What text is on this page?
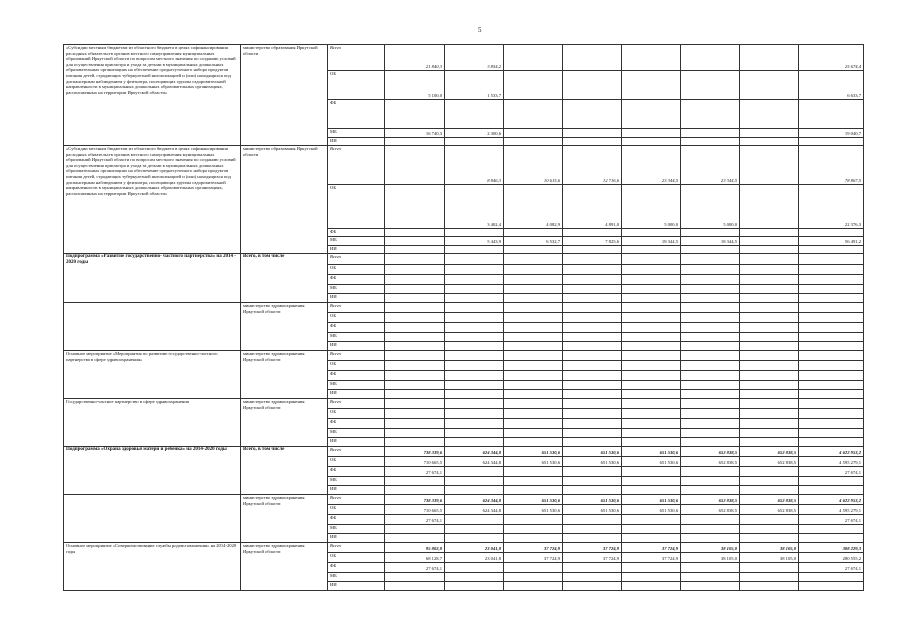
5
«Субсидии местным бюджетам из областного бюджета в целях софинансирования расходных обязательств органов местного самоуправления муниципальных образований Иркутской области по вопросам местного значения по созданию условий для осуществления присмотра и ухода за детьми в муниципальных дошкольных образовательных организациях на обеспечение среднесуточного набора продуктов питания детей, страдающих туберкулезной интоксикацией и (или) находящихся под диспансерным наблюдением у фтизиатра, посещающих группы оздоровительной направленности в муниципальных дошкольных образовательных организациях, расположенных на территории Иркутской области»	министерство образования Иркутской области	Всего	21 840,3	3 854,2						25 674,4
		ОБ	5 100,0	1 533,7						6 633,7
		ФБ								
		МБ	16 740,3	2 300,6						19 040,7
		ИИ								
«Субсидии местным бюджетам из областного бюджета в целях софинансирования расходных обязательств органов местного самоуправления муниципальных образований Иркутской области по вопросам местного значения по созданию условий для осуществления присмотра и ухода за детьми в муниципальных дошкольных образовательных организациях на обеспечение среднесуточного набора продуктов питания детей, страдающих туберкулезной интоксикацией и (или) находящихся под диспансерным наблюдением у фтизиатра, посещающих группы оздоровительной направленности в муниципальных дошкольных образовательных организациях, расположенных на территории Иркутской области»	министерство образования Иркутской области	Всего		8 846,3	10 615,6	12 716,6	23 344,5	23 344,5		78 867,5
		ОБ		3 402,4	4 082,9	4 891,0	5 000,0	5 000,0		22 376,3
		ФБ								
		МБ		5 443,9	6 532,7	7 825,6	18 344,5	18 344,5		56 491,2
		ИИ								
Подпрограмма «Развитие государственно- частного партнерства» на 2014 - 2020 годы	Всего, в том числе	Всего								
		ОБ								
		ФБ								
		МБ								
		ИИ								
	министерство здравоохранения Иркутской области	Всего								
		ОБ								
		ФБ								
		МБ								
		ИИ								
Основное мероприятие «Мероприятия по развитию государственно-частного партнерства в сфере здравоохранения»	министерство здравоохранения Иркутской области	Всего								
		ОБ								
		ФБ								
		МБ								
		ИИ								
Государственно-частное партнерство в сфере здравоохранения	министерство здравоохранения Иркутской области	Всего								
		ОБ								
		ФБ								
		МБ								
		ИИ								
Подпрограмма «Охрана здоровья матери и ребенка» на 2014-2020 годы	Всего, в том числе	Всего	738 339,6	624 344,8	651 530,6	651 530,6	651 530,6	652 838,5	652 838,5	4 622 953,2
		ОБ	710 665,5	624 344,8	651 530,6	651 530,6	651 530,6	652 838,5	652 838,5	4 595 279,1
		ФБ	27 674,1							27 674,1
		МБ								
		ИИ								
	министерство здравоохранения Иркутской области	Всего	738 339,6	624 344,8	651 530,6	651 530,6	651 530,6	652 838,5	652 838,5	4 622 953,2
		ОБ	710 665,5	624 344,8	651 530,6	651 530,6	651 530,6	652 838,5	652 838,5	4 595 279,1
		ФБ	27 674,1							27 674,1
		МБ								
		ИИ								
Основное мероприятие «Совершенствование службы родовспоможения» на 2014-2020 годы	министерство здравоохранения Иркутской области	Всего	95 802,8	23 041,8	37 724,9	37 724,9	37 724,9	38 105,0	38 105,0	308 229,3
		ОБ	68 128,7	23 041,8	37 724,9	37 724,9	37 724,9	38 105,0	38 105,0	280 555,2
		ФБ	27 674,1							27 674,1
		МБ								
		ИИ								
